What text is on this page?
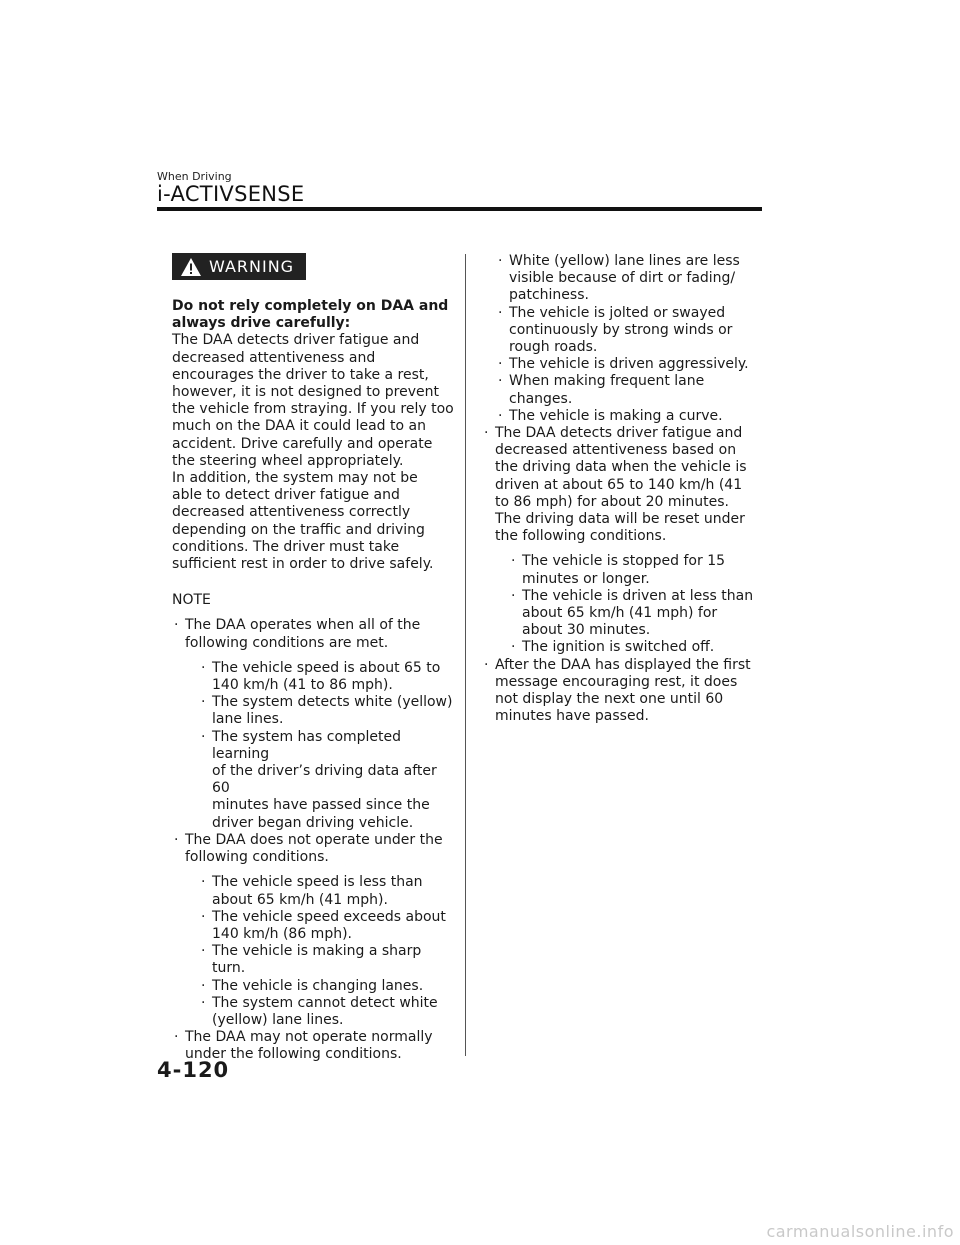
When Driving
i-ACTIVSENSE
WARNING
Do not rely completely on DAA and
always drive carefully:
The DAA detects driver fatigue and
decreased attentiveness and
encourages the driver to take a rest,
however, it is not designed to prevent
the vehicle from straying. If you rely too
much on the DAA it could lead to an
accident. Drive carefully and operate
the steering wheel appropriately.
In addition, the system may not be
able to detect driver fatigue and
decreased attentiveness correctly
depending on the traffic and driving
conditions. The driver must take
sufficient rest in order to drive safely.
NOTE
· The DAA operates when all of the
following conditions are met.
· The vehicle speed is about 65 to
140 km/h (41 to 86 mph).
· The system detects white (yellow)
lane lines.
· The system has completed learning
of the driver’s driving data after 60
minutes have passed since the
driver began driving vehicle.
· The DAA does not operate under the
following conditions.
· The vehicle speed is less than
about 65 km/h (41 mph).
· The vehicle speed exceeds about
140 km/h (86 mph).
· The vehicle is making a sharp turn.
· The vehicle is changing lanes.
· The system cannot detect white
(yellow) lane lines.
· The DAA may not operate normally
under the following conditions.
· White (yellow) lane lines are less
visible because of dirt or fading/
patchiness.
· The vehicle is jolted or swayed
continuously by strong winds or
rough roads.
· The vehicle is driven aggressively.
· When making frequent lane
changes.
· The vehicle is making a curve.
· The DAA detects driver fatigue and
decreased attentiveness based on
the driving data when the vehicle is
driven at about 65 to 140 km/h (41
to 86 mph) for about 20 minutes.
The driving data will be reset under
the following conditions.
· The vehicle is stopped for 15
minutes or longer.
· The vehicle is driven at less than
about 65 km/h (41 mph) for
about 30 minutes.
· The ignition is switched off.
· After the DAA has displayed the first
message encouraging rest, it does
not display the next one until 60
minutes have passed.
4-120
carmanualsonline.info
